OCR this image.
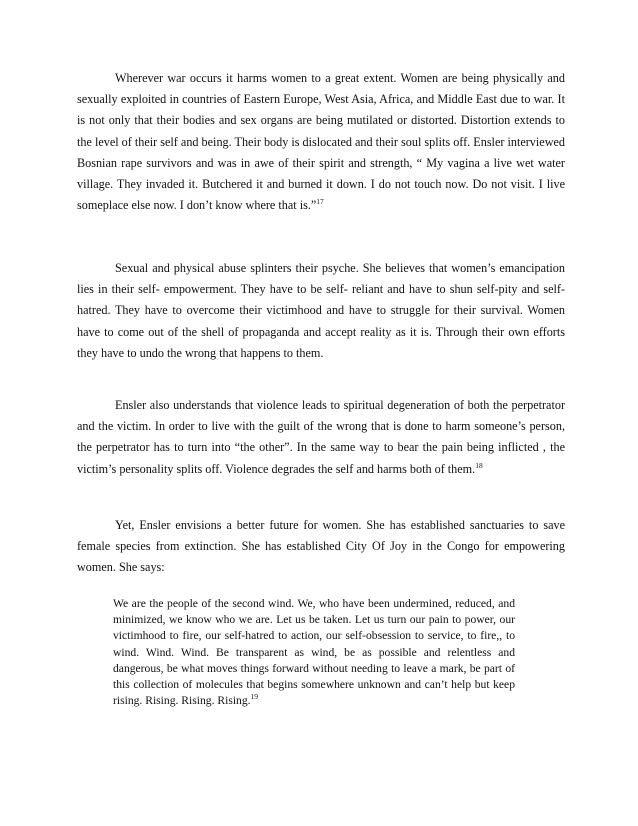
Wherever war occurs it harms women to a great extent. Women are being physically and sexually exploited in countries of Eastern Europe, West Asia, Africa, and Middle East due to war. It is not only that their bodies and sex organs are being mutilated or distorted. Distortion extends to the level of their self and being. Their body is dislocated and their soul splits off. Ensler interviewed Bosnian rape survivors and was in awe of their spirit and strength, “ My vagina a live wet water village. They invaded it. Butchered it and burned it down. I do not touch now. Do not visit. I live someplace else now. I don’t know where that is.”$^{17}$

Sexual and physical abuse splinters their psyche. She believes that women’s emancipation lies in their self- empowerment. They have to be self- reliant and have to shun self-pity and self-hatred. They have to overcome their victimhood and have to struggle for their survival. Women have to come out of the shell of propaganda and accept reality as it is. Through their own efforts they have to undo the wrong that happens to them.

Ensler also understands that violence leads to spiritual degeneration of both the perpetrator and the victim. In order to live with the guilt of the wrong that is done to harm someone’s person, the perpetrator has to turn into “the other”. In the same way to bear the pain being inflicted , the victim’s personality splits off. Violence degrades the self and harms both of them.$^{18}$

Yet, Ensler envisions a better future for women. She has established sanctuaries to save female species from extinction. She has established City Of Joy in the Congo for empowering women. She says:

We are the people of the second wind. We, who have been undermined, reduced, and minimized, we know who we are. Let us be taken. Let us turn our pain to power, our victimhood to fire, our self-hatred to action, our self-obsession to service, to fire,, to wind. Wind. Wind. Be transparent as wind, be as possible and relentless and dangerous, be what moves things forward without needing to leave a mark, be part of this collection of molecules that begins somewhere unknown and can’t help but keep rising. Rising. Rising. Rising.$^{19}$
